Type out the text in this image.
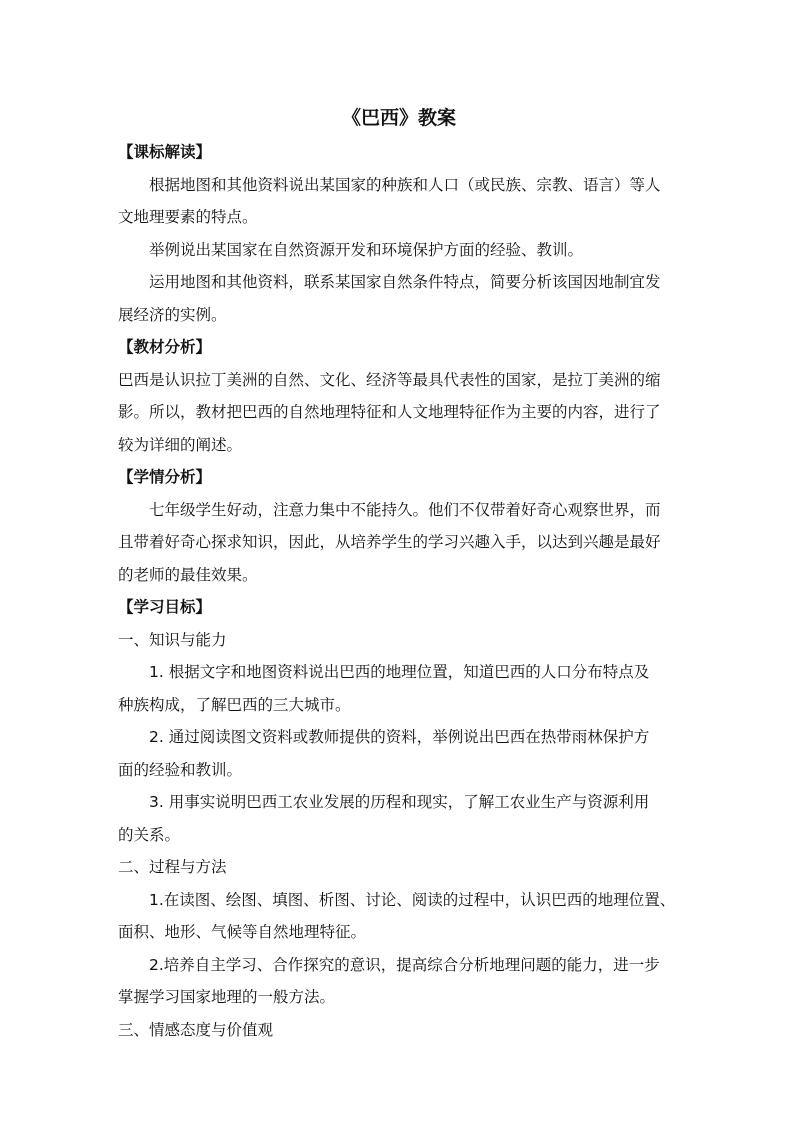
《巴西》教案

【课标解读】

根据地图和其他资料说出某国家的种族和人口（或民族、宗教、语言）等人

文地理要素的特点。

举例说出某国家在自然资源开发和环境保护方面的经验、教训。

运用地图和其他资料，联系某国家自然条件特点，简要分析该国因地制宜发

展经济的实例。

【教材分析】

巴西是认识拉丁美洲的自然、文化、经济等最具代表性的国家，是拉丁美洲的缩

影。所以，教材把巴西的自然地理特征和人文地理特征作为主要的内容，进行了

较为详细的阐述。

【学情分析】

七年级学生好动，注意力集中不能持久。他们不仅带着好奇心观察世界，而

且带着好奇心探求知识，因此，从培养学生的学习兴趣入手，以达到兴趣是最好

的老师的最佳效果。

【学习目标】

一、知识与能力

1. 根据文字和地图资料说出巴西的地理位置，知道巴西的人口分布特点及

种族构成，了解巴西的三大城市。

2. 通过阅读图文资料或教师提供的资料，举例说出巴西在热带雨林保护方

面的经验和教训。

3. 用事实说明巴西工农业发展的历程和现实，了解工农业生产与资源利用

的关系。

二、过程与方法

1.在读图、绘图、填图、析图、讨论、阅读的过程中，认识巴西的地理位置、

面积、地形、气候等自然地理特征。

2.培养自主学习、合作探究的意识，提高综合分析地理问题的能力，进一步

掌握学习国家地理的一般方法。

三、情感态度与价值观
